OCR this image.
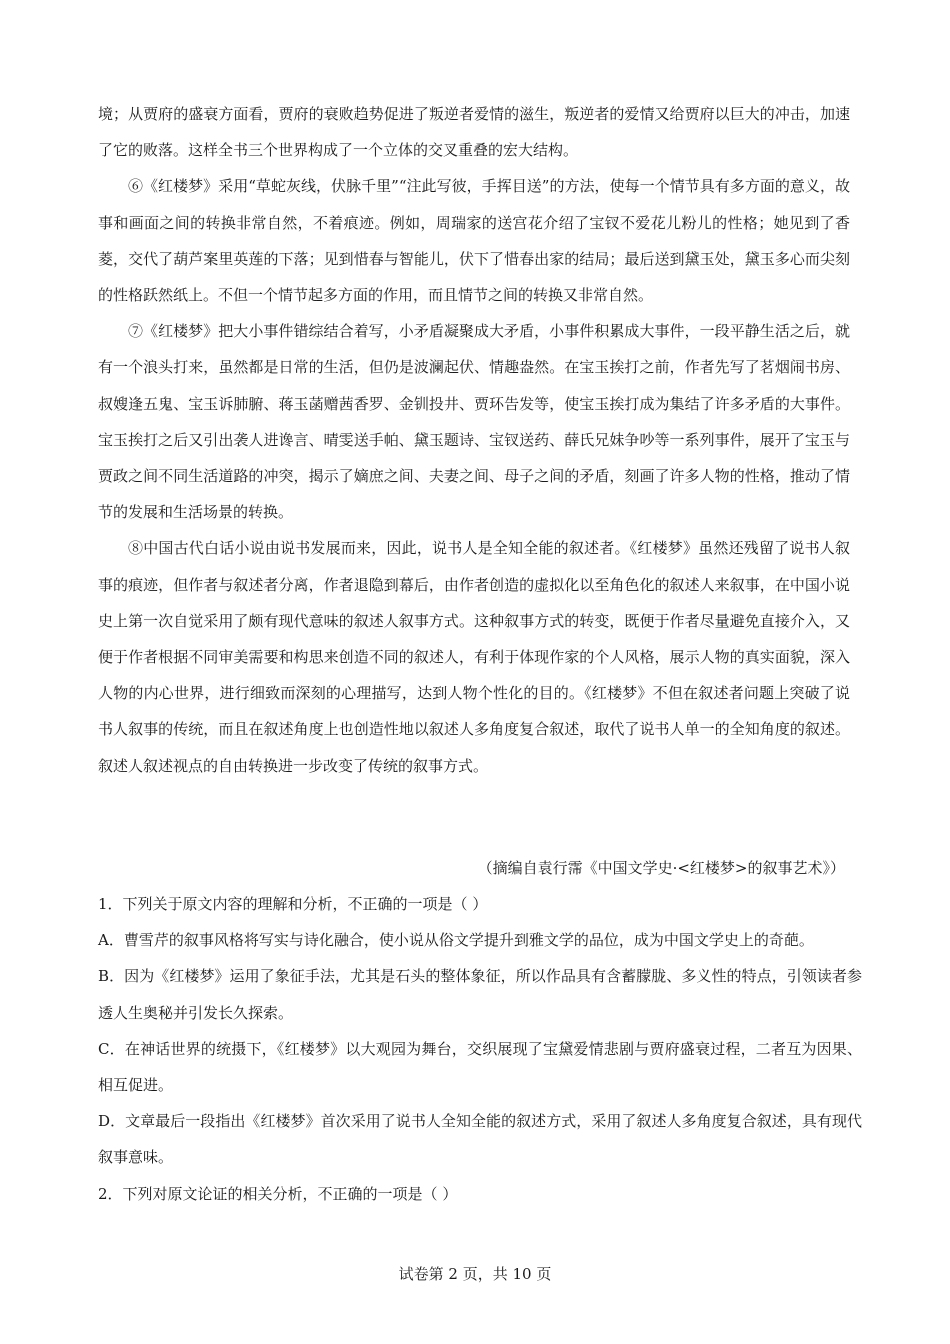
境；从贾府的盛衰方面看，贾府的衰败趋势促进了叛逆者爱情的滋生，叛逆者的爱情又给贾府以巨大的冲击，加速了它的败落。这样全书三个世界构成了一个立体的交叉重叠的宏大结构。

⑥《红楼梦》采用“草蛇灰线，伏脉千里”“注此写彼，手挥目送”的方法，使每一个情节具有多方面的意义，故事和画面之间的转换非常自然，不着痕迹。例如，周瑞家的送宫花介绍了宝钗不爱花儿粉儿的性格；她见到了香菱，交代了葫芦案里英莲的下落；见到惜春与智能儿，伏下了惜春出家的结局；最后送到黛玉处，黛玉多心而尖刻的性格跃然纸上。不但一个情节起多方面的作用，而且情节之间的转换又非常自然。

⑦《红楼梦》把大小事件错综结合着写，小矛盾凝聚成大矛盾，小事件积累成大事件，一段平静生活之后，就有一个浪头打来，虽然都是日常的生活，但仍是波澜起伏、情趣盎然。在宝玉挨打之前，作者先写了茗烟闹书房、叔嫂逢五鬼、宝玉诉肺腑、蒋玉菡赠茜香罗、金钏投井、贾环告发等，使宝玉挨打成为集结了许多矛盾的大事件。宝玉挨打之后又引出袭人进谗言、晴雯送手帕、黛玉题诗、宝钗送药、薛氏兄妹争吵等一系列事件，展开了宝玉与贾政之间不同生活道路的冲突，揭示了嫡庶之间、夫妻之间、母子之间的矛盾，刻画了许多人物的性格，推动了情节的发展和生活场景的转换。

⑧中国古代白话小说由说书发展而来，因此，说书人是全知全能的叙述者。《红楼梦》虽然还残留了说书人叙事的痕迹，但作者与叙述者分离，作者退隐到幕后，由作者创造的虚拟化以至角色化的叙述人来叙事，在中国小说史上第一次自觉采用了颇有现代意味的叙述人叙事方式。这种叙事方式的转变，既便于作者尽量避免直接介入，又便于作者根据不同审美需要和构思来创造不同的叙述人，有利于体现作家的个人风格，展示人物的真实面貌，深入人物的内心世界，进行细致而深刻的心理描写，达到人物个性化的目的。《红楼梦》不但在叙述者问题上突破了说书人叙事的传统，而且在叙述角度上也创造性地以叙述人多角度复合叙述，取代了说书人单一的全知角度的叙述。叙述人叙述视点的自由转换进一步改变了传统的叙事方式。

（摘编自袁行霈《中国文学史·<红楼梦>的叙事艺术》）

1．下列关于原文内容的理解和分析，不正确的一项是（ ）

A．曹雪芹的叙事风格将写实与诗化融合，使小说从俗文学提升到雅文学的品位，成为中国文学史上的奇葩。

B．因为《红楼梦》运用了象征手法，尤其是石头的整体象征，所以作品具有含蓄朦胧、多义性的特点，引领读者参透人生奥秘并引发长久探索。

C．在神话世界的统摄下，《红楼梦》以大观园为舞台，交织展现了宝黛爱情悲剧与贾府盛衰过程，二者互为因果、相互促进。

D．文章最后一段指出《红楼梦》首次采用了说书人全知全能的叙述方式，采用了叙述人多角度复合叙述，具有现代叙事意味。

2．下列对原文论证的相关分析，不正确的一项是（ ）

试卷第 2 页，共 10 页
